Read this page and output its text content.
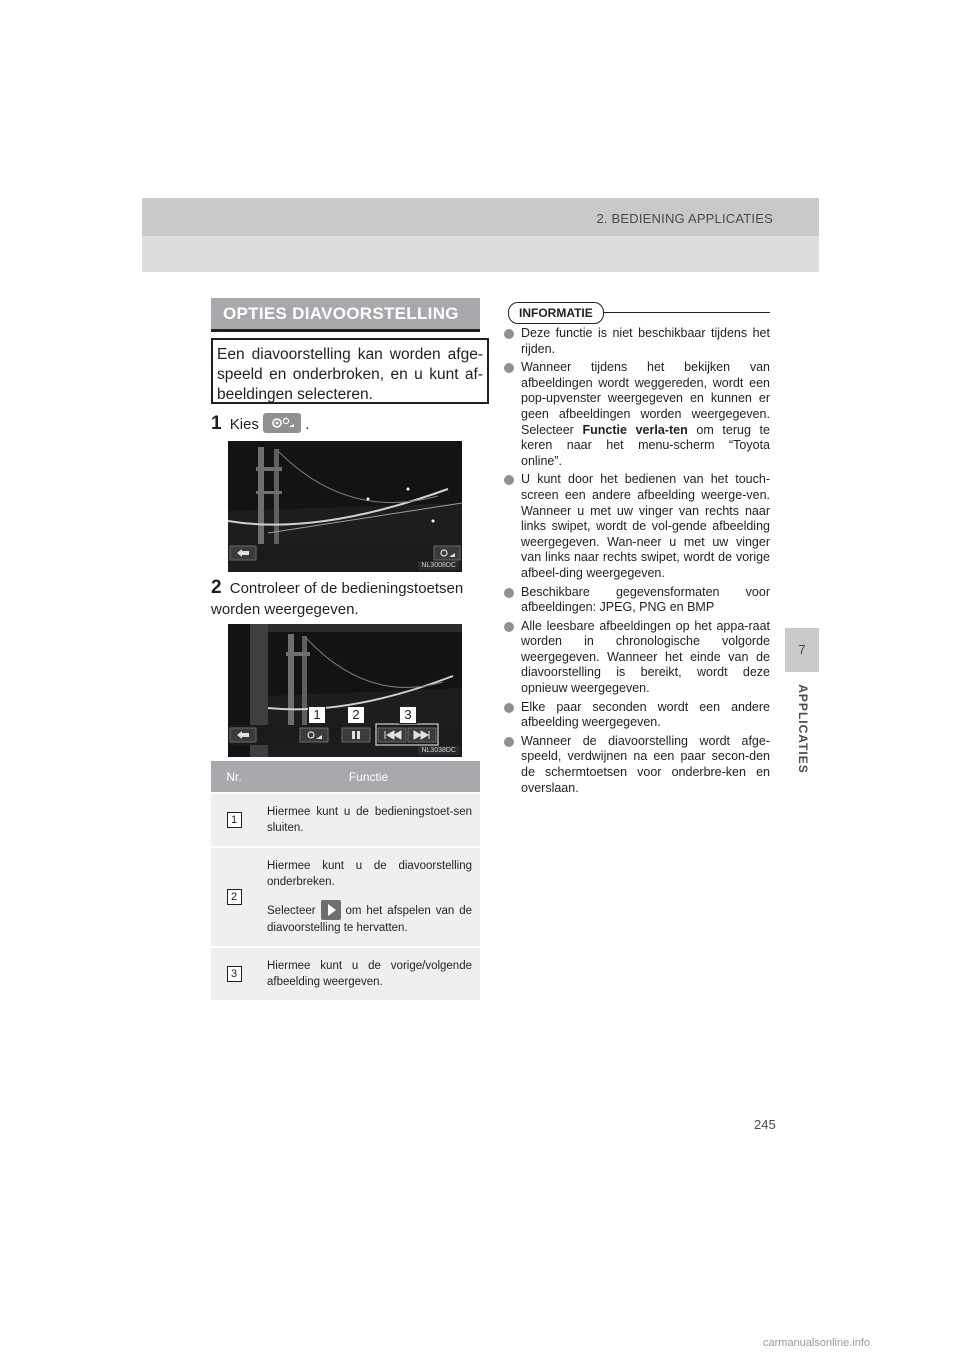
2. BEDIENING APPLICATIES
7
APPLICATIES
OPTIES DIAVOORSTELLING

Een diavoorstelling kan worden afge-speeld en onderbroken, en u kunt af-beeldingen selecteren.

1 Kies	.
NL3008DC
2 Controleer of de bedieningstoetsen worden weergegeven.
1	2	3
NL3038DC
Nr.	Functie
1	Hiermee kunt u de bedieningstoet-sen sluiten.

2	Hiermee kunt u de diavoorstelling onderbreken.

Selecteer om het afspelen van de diavoorstelling te hervatten.

3	Hiermee kunt u de vorige/volgende afbeelding weergeven.

INFORMATIE
Deze functie is niet beschikbaar tijdens het rijden.
Wanneer tijdens het bekijken van afbeeldingen wordt weggereden, wordt een pop-upvenster weergegeven en kunnen er geen afbeeldingen worden weergegeven. Selecteer Functie verla-ten om terug te keren naar het menu-scherm “Toyota online”.
U kunt door het bedienen van het touch-screen een andere afbeelding weerge-ven. Wanneer u met uw vinger van rechts naar links swipet, wordt de vol-gende afbeelding weergegeven. Wan-neer u met uw vinger van links naar rechts swipet, wordt de vorige afbeel-ding weergegeven.
Beschikbare gegevensformaten voor afbeeldingen: JPEG, PNG en BMP
Alle leesbare afbeeldingen op het appa-raat worden in chronologische volgorde weergegeven. Wanneer het einde van de diavoorstelling is bereikt, wordt deze opnieuw weergegeven.
Elke paar seconden wordt een andere afbeelding weergegeven.
Wanneer de diavoorstelling wordt afge-speeld, verdwijnen na een paar secon-den de schermtoetsen voor onderbre-ken en overslaan.
245
carmanualsonline.info
